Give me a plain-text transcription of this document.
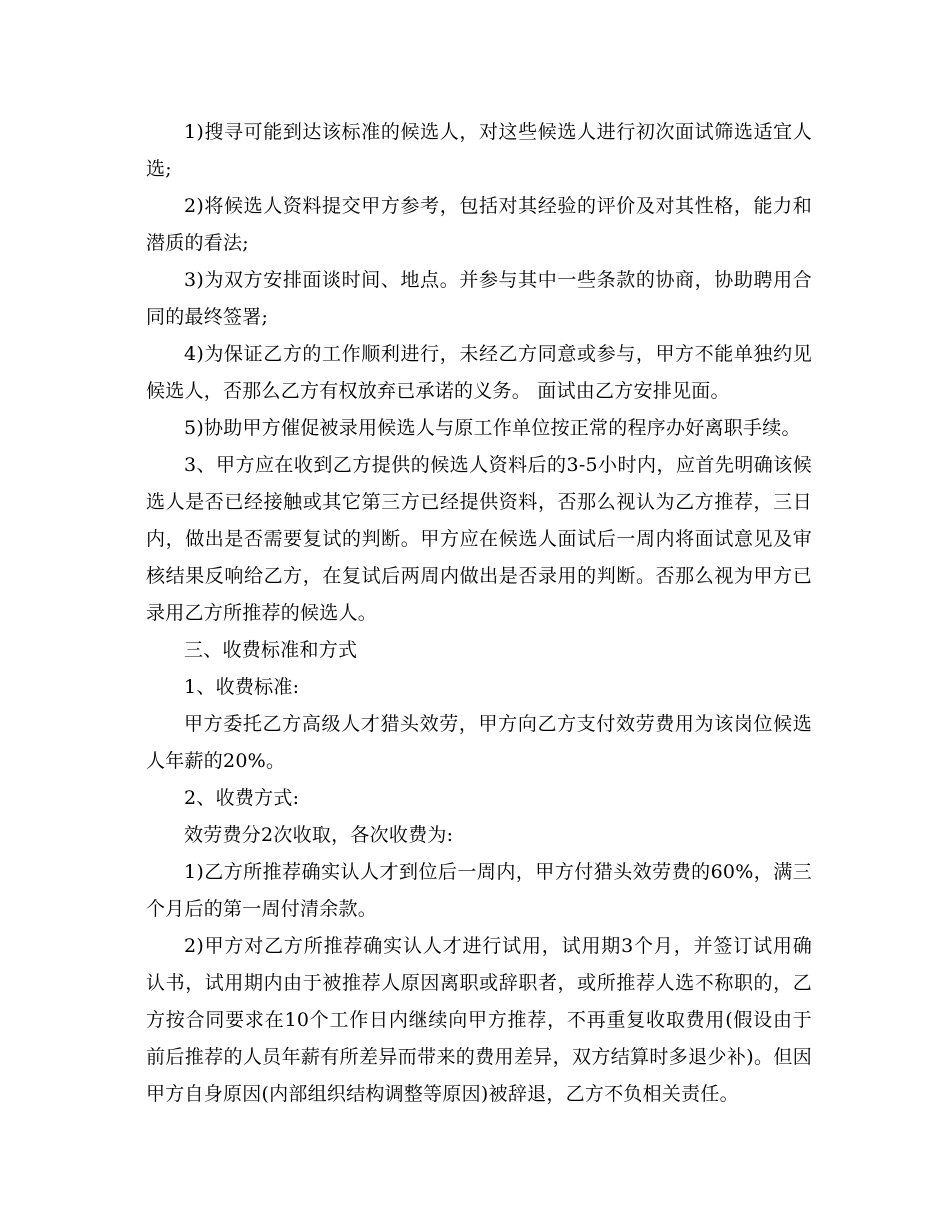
1)搜寻可能到达该标准的候选人，对这些候选人进行初次面试筛选适宜人选;

2)将候选人资料提交甲方参考，包括对其经验的评价及对其性格，能力和潜质的看法;

3)为双方安排面谈时间、地点。并参与其中一些条款的协商，协助聘用合同的最终签署;

4)为保证乙方的工作顺利进行，未经乙方同意或参与，甲方不能单独约见候选人，否那么乙方有权放弃已承诺的义务。 面试由乙方安排见面。

5)协助甲方催促被录用候选人与原工作单位按正常的程序办好离职手续。

3、甲方应在收到乙方提供的候选人资料后的3-5小时内，应首先明确该候选人是否已经接触或其它第三方已经提供资料，否那么视认为乙方推荐，三日内，做出是否需要复试的判断。甲方应在候选人面试后一周内将面试意见及审核结果反响给乙方，在复试后两周内做出是否录用的判断。否那么视为甲方已录用乙方所推荐的候选人。

三、收费标准和方式

1、收费标准:

甲方委托乙方高级人才猎头效劳，甲方向乙方支付效劳费用为该岗位候选人年薪的20%。

2、收费方式:

效劳费分2次收取，各次收费为:

1)乙方所推荐确实认人才到位后一周内，甲方付猎头效劳费的60%，满三个月后的第一周付清余款。

2)甲方对乙方所推荐确实认人才进行试用，试用期3个月，并签订试用确认书，试用期内由于被推荐人原因离职或辞职者，或所推荐人选不称职的，乙方按合同要求在10个工作日内继续向甲方推荐，不再重复收取费用(假设由于前后推荐的人员年薪有所差异而带来的费用差异，双方结算时多退少补)。但因甲方自身原因(内部组织结构调整等原因)被辞退，乙方不负相关责任。
